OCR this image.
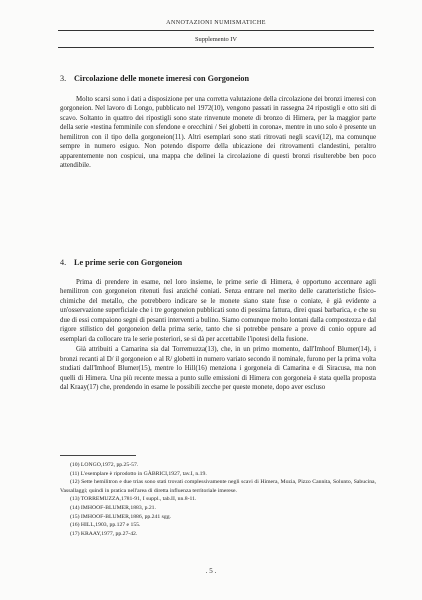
ANNOTAZIONI NUMISMATICHE
Supplemento IV
3. Circolazione delle monete imeresi con Gorgoneion

Molto scarsi sono i dati a disposizione per una corretta valutazione della circolazione dei bronzi imeresi con gorgoneion. Nel lavoro di Longo, pubblicato nel 1972(10), vengono passati in rassegna 24 ripostigli e otto siti di scavo. Soltanto in quattro dei ripostigli sono state rinvenute monete di bronzo di Himera, per la maggior parte della serie «testina femminile con sfendone e orecchini / Sei globetti in corona», mentre in uno solo è presente un hemilitron con il tipo della gorgoneion(11). Altri esemplari sono stati ritrovati negli scavi(12), ma comunque sempre in numero esiguo. Non potendo disporre della ubicazione dei ritrovamenti clandestini, peraltro apparentemente non cospicui, una mappa che delinei la circolazione di questi bronzi risulterebbe ben poco attendibile.

4. Le prime serie con Gorgoneion

Prima di prendere in esame, nel loro insieme, le prime serie di Himera, è opportuno accennare agli hemilitron con gorgoneion ritenuti fusi anziché coniati. Senza entrare nel merito delle caratteristiche fisico-chimiche del metallo, che potrebbero indicare se le monete siano state fuse o coniate, è già evidente a un'osservazione superficiale che i tre gorgoneion pubblicati sono di pessima fattura, direi quasi barbarica, e che su due di essi compaiono segni di pesanti interventi a bulino. Siamo comunque molto lontani dalla compostezza e dal rigore stilistico del gorgoneion della prima serie, tanto che si potrebbe pensare a prove di conio oppure ad esemplari da collocare tra le serie posteriori, se si dà per accettabile l'ipotesi della fusione.

Già attribuiti a Camarina sia dal Torremuzza(13), che, in un primo momento, dall'Imhoof Blumer(14), i bronzi recanti al D/ il gorgoneion e al R/ globetti in numero variato secondo il nominale, furono per la prima volta studiati dall'Imhoof Blumer(15), mentre lo Hill(16) menziona i gorgoneia di Camarina e di Siracusa, ma non quelli di Himera. Una più recente messa a punto sulle emissioni di Himera con gorgoneia è stata quella proposta dal Kraay(17) che, prendendo in esame le possibili zecche per queste monete, dopo aver escluso

(10) LONGO,1972, pp.25-57.

(11) L'esemplare è riprodotto in GÀBRICI,1927, tav.I, n.19.

(12) Sette hemilitron e due trias sono stati trovati complessivamente negli scavi di Himera, Mozia, Pizzo Cannita, Soluntо, Sabucina, Vassallaggi; quindi in pratica nell'area di diretta influenza territoriale imerese.

(13) TORREMUZZA,1781-91, I suppl., tab.II, nn.8-11.

(14) IMHOOF-BLUMER,1883, p.21.

(15) IMHOOF-BLUMER,1886, pp.241 sgg.

(16) HILL,1903, pp.127 e 155.

(17) KRAAY,1977, pp.27-42.

. 5 .
